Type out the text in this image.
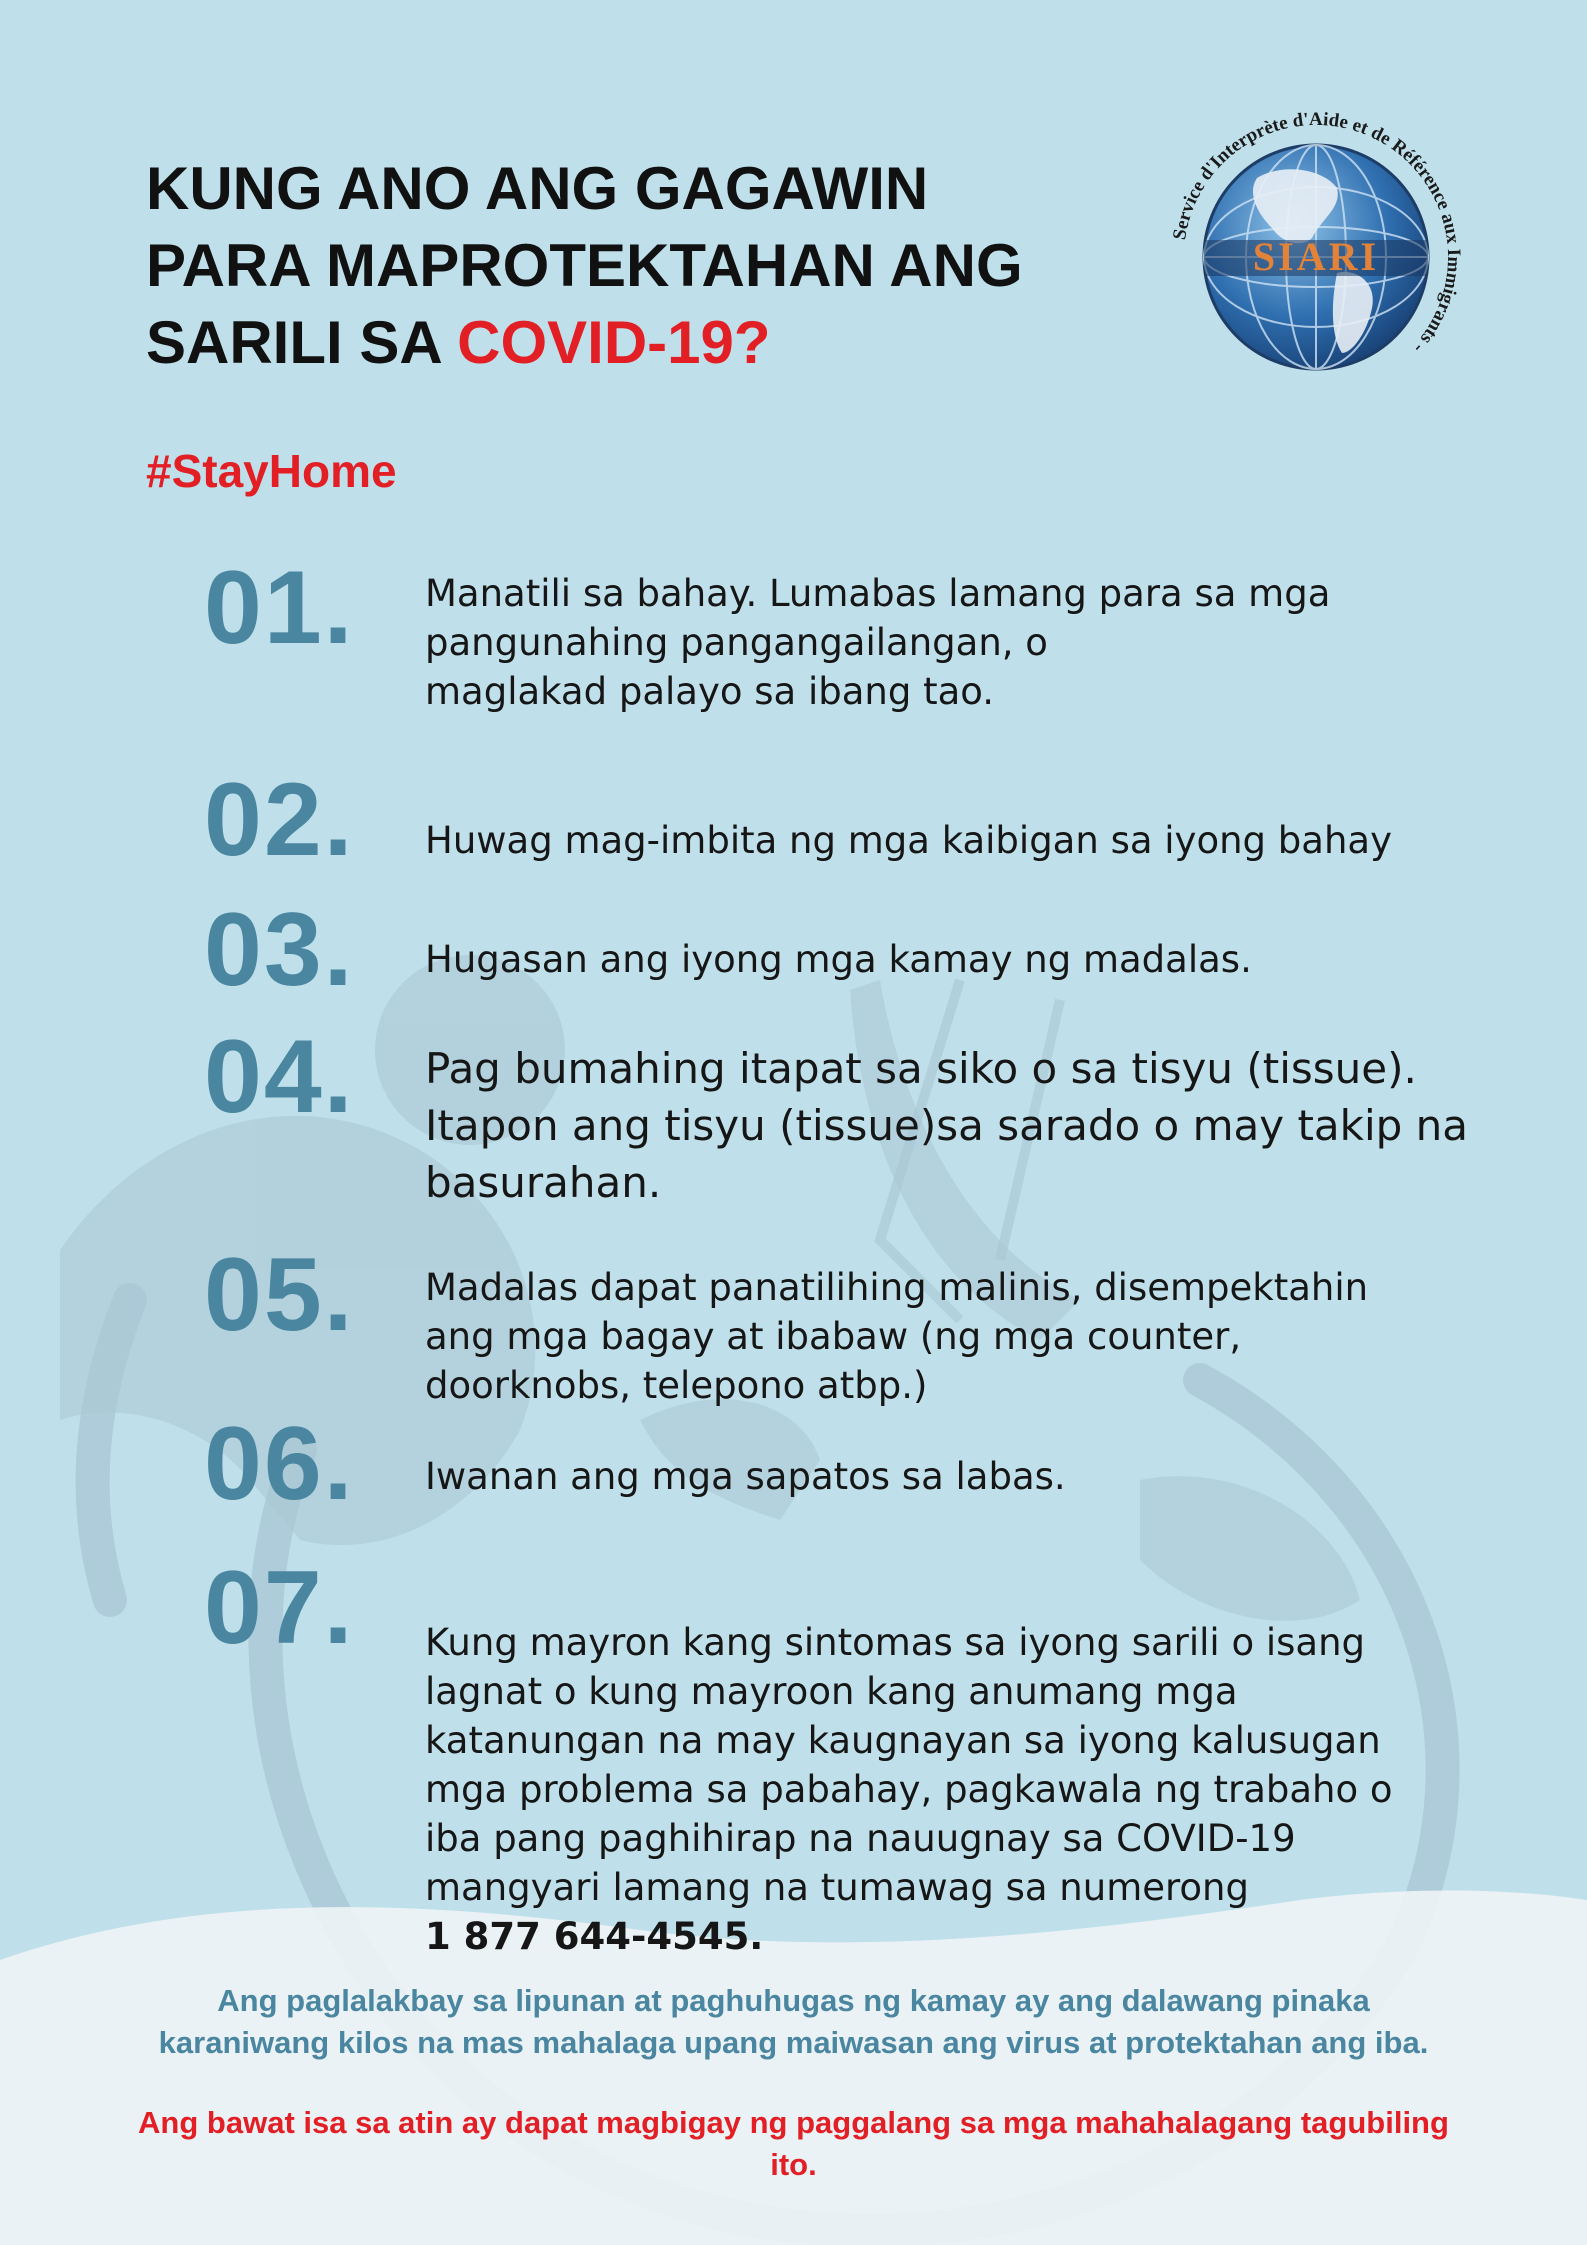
KUNG ANO ANG GAGAWIN
PARA MAPROTEKTAHAN ANG
SARILI SA COVID-19?
SIARI
Service d'Interprète d'Aide et de Référence aux Immigrants -
#StayHome
01. Manatili sa bahay. Lumabas lamang para sa mga
pangunahing pangangailangan, o
maglakad palayo sa ibang tao.
02. Huwag mag-imbita ng mga kaibigan sa iyong bahay
03. Hugasan ang iyong mga kamay ng madalas.
04. Pag bumahing itapat sa siko o sa tisyu (tissue).
Itapon ang tisyu (tissue)sa sarado o may takip na
basurahan.
05. Madalas dapat panatilihing malinis, disempektahin
ang mga bagay at ibabaw (ng mga counter,
doorknobs, telepono atbp.)
06. Iwanan ang mga sapatos sa labas.
07. Kung mayron kang sintomas sa iyong sarili o isang
lagnat o kung mayroon kang anumang mga
katanungan na may kaugnayan sa iyong kalusugan
mga problema sa pabahay, pagkawala ng trabaho o
iba pang paghihirap na nauugnay sa COVID-19
mangyari lamang na tumawag sa numerong
1 877 644-4545.
Ang paglalakbay sa lipunan at paghuhugas ng kamay ay ang dalawang pinaka
karaniwang kilos na mas mahalaga upang maiwasan ang virus at protektahan ang iba.
Ang bawat isa sa atin ay dapat magbigay ng paggalang sa mga mahahalagang tagubiling
ito.
